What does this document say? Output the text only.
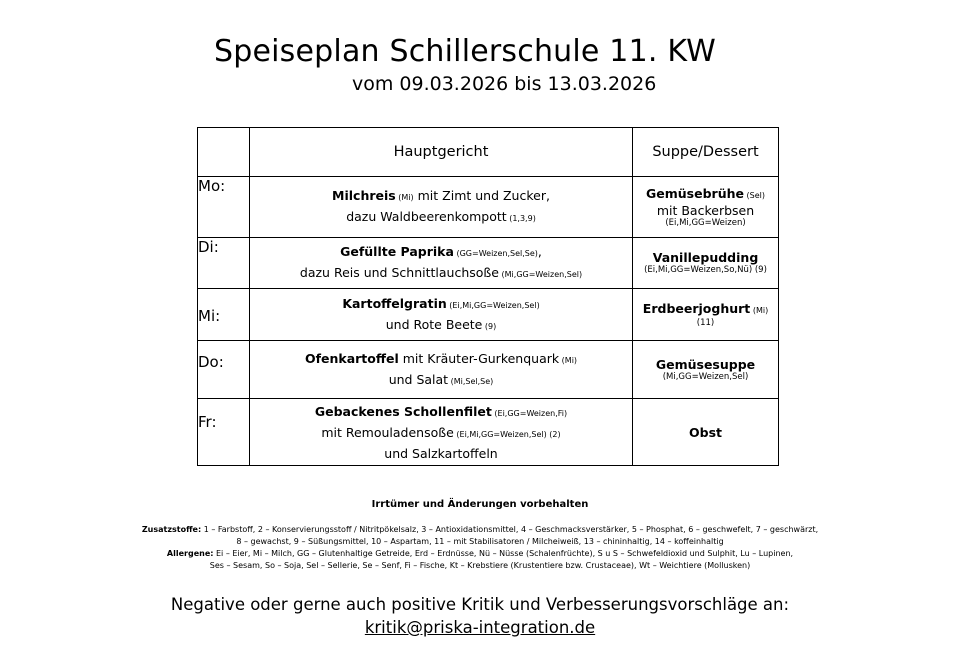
Speiseplan Schillerschule 11. KW
vom 09.03.2026 bis 13.03.2026
	Hauptgericht	Suppe/Dessert
Mo:	Milchreis (Mi) mit Zimt und Zucker,
dazu Waldbeerenkompott (1,3,9)	Gemüsebrühe (Sel)
mit Backerbsen
(Ei,Mi,GG=Weizen)

Di:	Gefüllte Paprika (GG=Weizen,Sel,Se),
dazu Reis und Schnittlauchsoße (Mi,GG=Weizen,Sel)	Vanillepudding
(Ei,Mi,GG=Weizen,So,Nü) (9)

Mi:	Kartoffelgratin (Ei,Mi,GG=Weizen,Sel)
und Rote Beete (9)	Erdbeerjoghurt (Mi)
(11)

Do:	Ofenkartoffel mit Kräuter-Gurkenquark (Mi)
und Salat (Mi,Sel,Se)	Gemüsesuppe
(Mi,GG=Weizen,Sel)

Fr:	Gebackenes Schollenfilet (Ei,GG=Weizen,Fi)
mit Remouladensoße (Ei,Mi,GG=Weizen,Sel) (2)
und Salzkartoffeln	Obst
Irrtümer und Änderungen vorbehalten
Zusatzstoffe: 1 – Farbstoff, 2 – Konservierungsstoff / Nitritpökelsalz, 3 – Antioxidationsmittel, 4 – Geschmacksverstärker, 5 – Phosphat, 6 – geschwefelt, 7 – geschwärzt,
8 – gewachst, 9 – Süßungsmittel, 10 – Aspartam, 11 – mit Stabilisatoren / Milcheiweiß, 13 – chininhaltig, 14 – koffeinhaltig
Allergene: Ei – Eier, Mi – Milch, GG – Glutenhaltige Getreide, Erd – Erdnüsse, Nü – Nüsse (Schalenfrüchte), S u S – Schwefeldioxid und Sulphit, Lu – Lupinen,
Ses – Sesam, So – Soja, Sel – Sellerie, Se – Senf, Fi – Fische, Kt – Krebstiere (Krustentiere bzw. Crustaceae), Wt – Weichtiere (Mollusken)
Negative oder gerne auch positive Kritik und Verbesserungsvorschläge an:
kritik@priska-integration.de
